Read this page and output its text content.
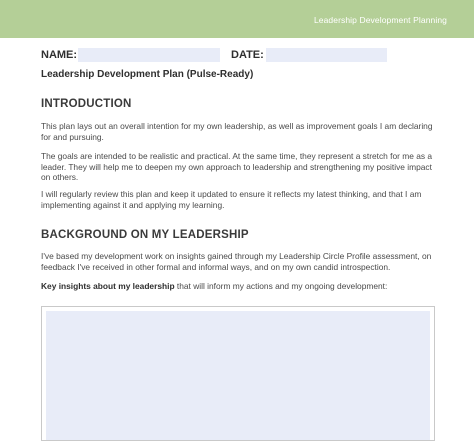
Leadership Development Planning
NAME:	DATE:
Leadership Development Plan (Pulse-Ready)
INTRODUCTION

This plan lays out an overall intention for my own leadership, as well as improvement goals I am declaring for and pursuing.

The goals are intended to be realistic and practical. At the same time, they represent a stretch for me as a leader. They will help me to deepen my own approach to leadership and strengthening my positive impact on others.

I will regularly review this plan and keep it updated to ensure it reflects my latest thinking, and that I am implementing against it and applying my learning.

BACKGROUND ON MY LEADERSHIP

I've based my development work on insights gained through my Leadership Circle Profile assessment, on feedback I've received in other formal and informal ways, and on my own candid introspection.

Key insights about my leadership that will inform my actions and my ongoing development:
